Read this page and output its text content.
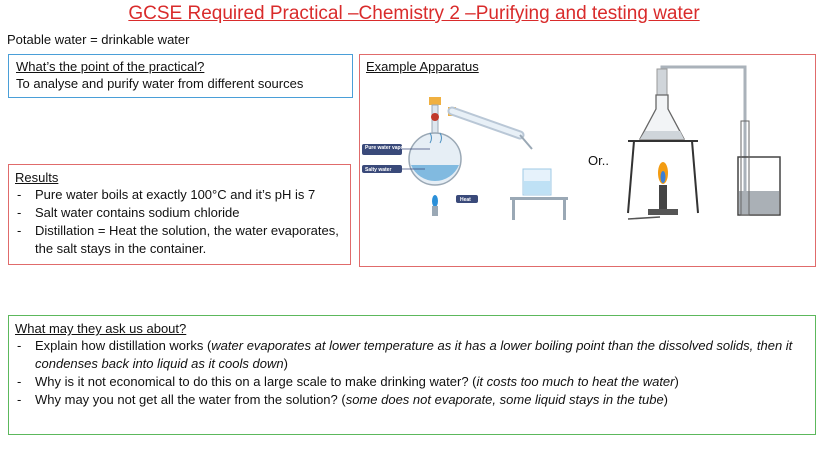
GCSE Required Practical –Chemistry 2 –Purifying and testing water
Potable water = drinkable water
What’s the point of the practical?
To analyse and purify water from different sources
Results
- Pure water boils at exactly 100°C and it’s pH is 7
- Salt water contains sodium chloride
- Distillation = Heat the solution, the water evaporates, the salt stays in the container.
Example Apparatus
Pure water vapour
Salty water
Heat
Or..
What may they ask us about?
- Explain how distillation works (water evaporates at lower temperature as it has a lower boiling point than the dissolved solids, then it condenses back into liquid as it cools down)
- Why is it not economical to do this on a large scale to make drinking water? (it costs too much to heat the water)
- Why may you not get all the water from the solution? (some does not evaporate, some liquid stays in the tube)
